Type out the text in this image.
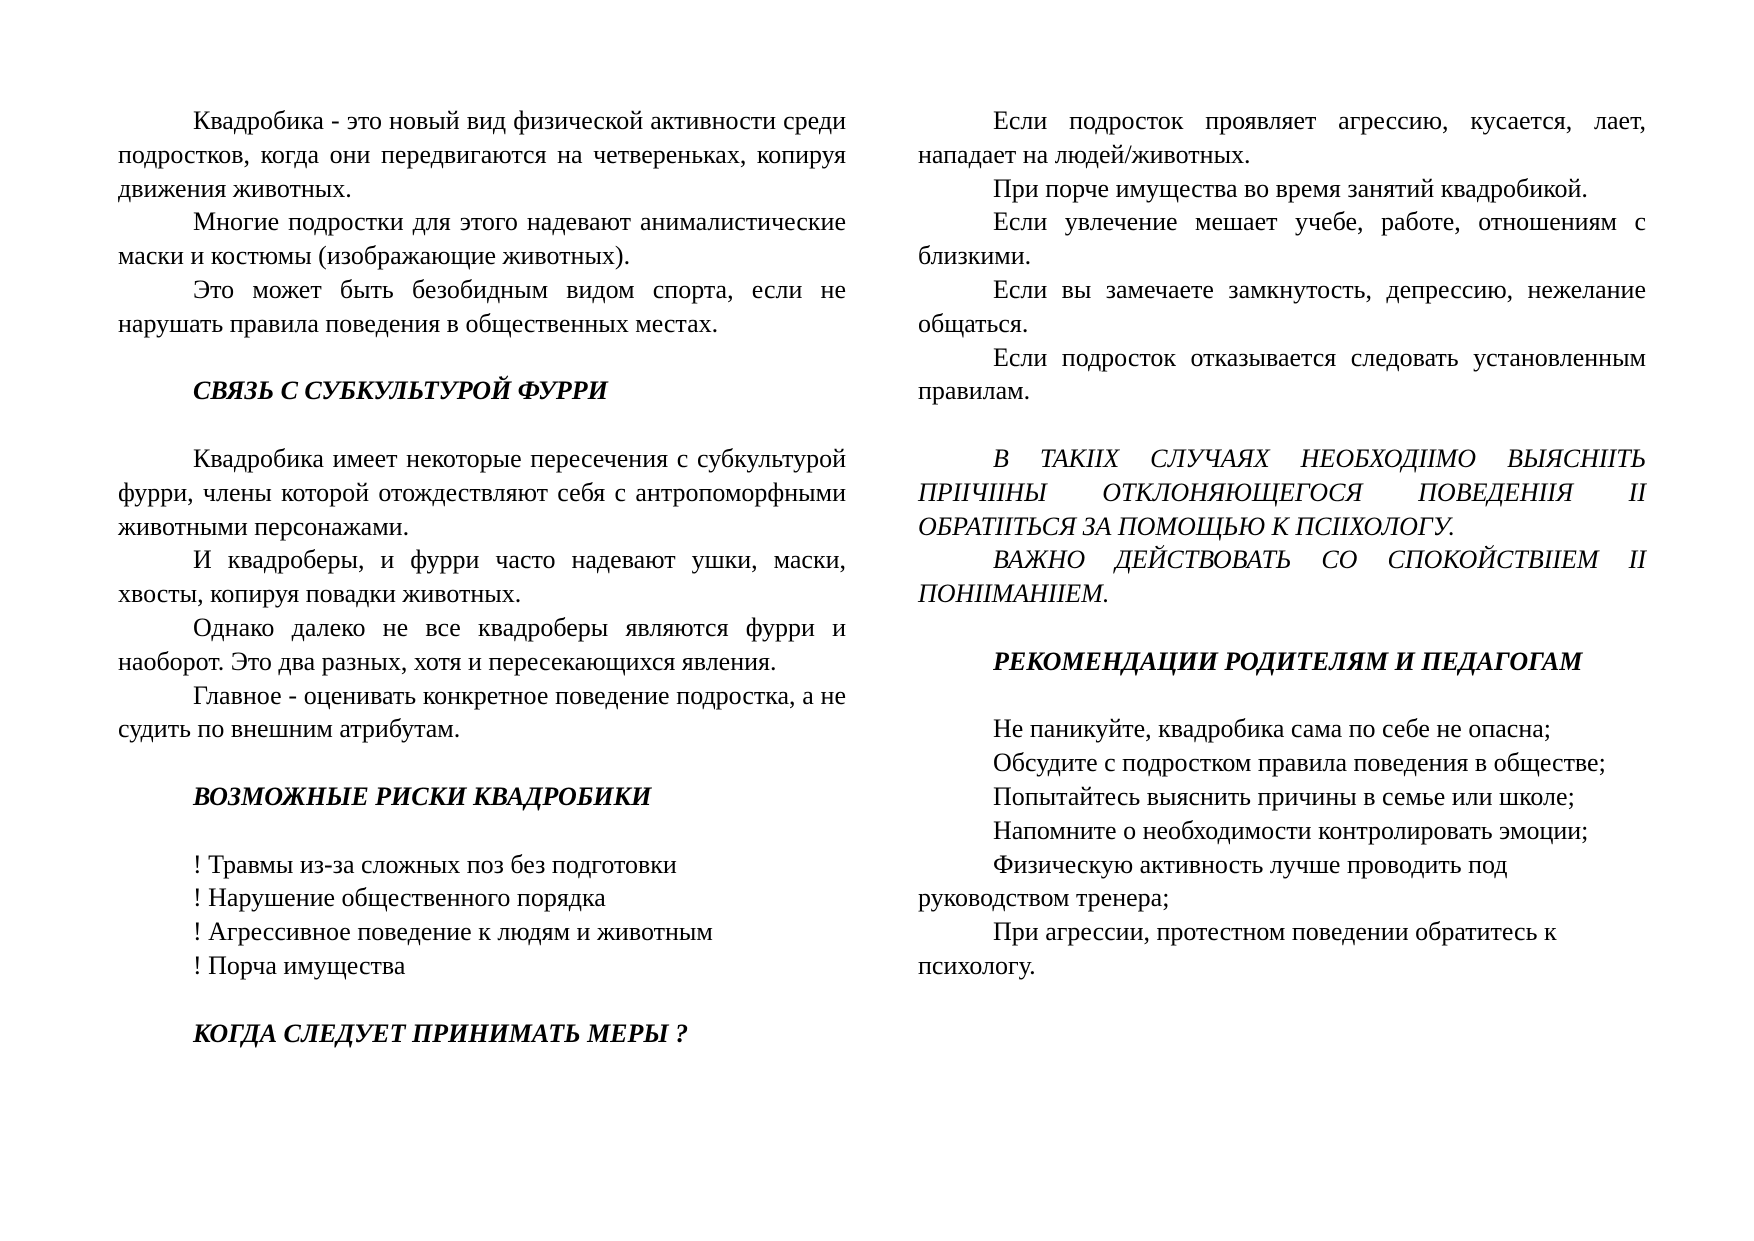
Квадробика - это новый вид физической активности среди подростков, когда они передвигаются на четвереньках, копируя движения животных.

Многие подростки для этого надевают анималистические маски и костюмы (изображающие животных).

Это может быть безобидным видом спорта, если не нарушать правила поведения в общественных местах.

СВЯЗЬ С СУБКУЛЬТУРОЙ ФУРРИ

Квадробика имеет некоторые пересечения с субкультурой фурри, члены которой отождествляют себя с антропоморфными животными персонажами.

И квадроберы, и фурри часто надевают ушки, маски, хвосты, копируя повадки животных.

Однако далеко не все квадроберы являются фурри и наоборот. Это два разных, хотя и пересекающихся явления.

Главное - оценивать конкретное поведение подростка, а не судить по внешним атрибутам.

ВОЗМОЖНЫЕ РИСКИ КВАДРОБИКИ

! Травмы из-за сложных поз без подготовки

! Нарушение общественного порядка

! Агрессивное поведение к людям и животным

! Порча имущества

КОГДА СЛЕДУЕТ ПРИНИМАТЬ МЕРЫ ?

Если подросток проявляет агрессию, кусается, лает, нападает на людей/животных.

При порче имущества во время занятий квадробикой.

Если увлечение мешает учебе, работе, отношениям с близкими.

Если вы замечаете замкнутость, депрессию, нежелание общаться.

Если подросток отказывается следовать установленным правилам.

В ТАКIIХ СЛУЧАЯХ НЕОБХОДIIМО ВЫЯСНIIТЬ ПРIIЧIIНЫ ОТКЛОНЯЮЩЕГОСЯ ПОВЕДЕНIIЯ II ОБРАТIIТЬСЯ ЗА ПОМОЩЬЮ К ПСIIХОЛОГУ.

ВАЖНО ДЕЙСТВОВАТЬ СО СПОКОЙСТВIIЕМ II ПОНIIМАНIIЕМ.

РЕКОМЕНДАЦИИ РОДИТЕЛЯМ И ПЕДАГОГАМ

Не паникуйте, квадробика сама по себе не опасна;

Обсудите с подростком правила поведения в обществе;

Попытайтесь выяснить причины в семье или школе;

Напомните о необходимости контролировать эмоции;

Физическую активность лучше проводить под руководством тренера;

При агрессии, протестном поведении обратитесь к психологу.
